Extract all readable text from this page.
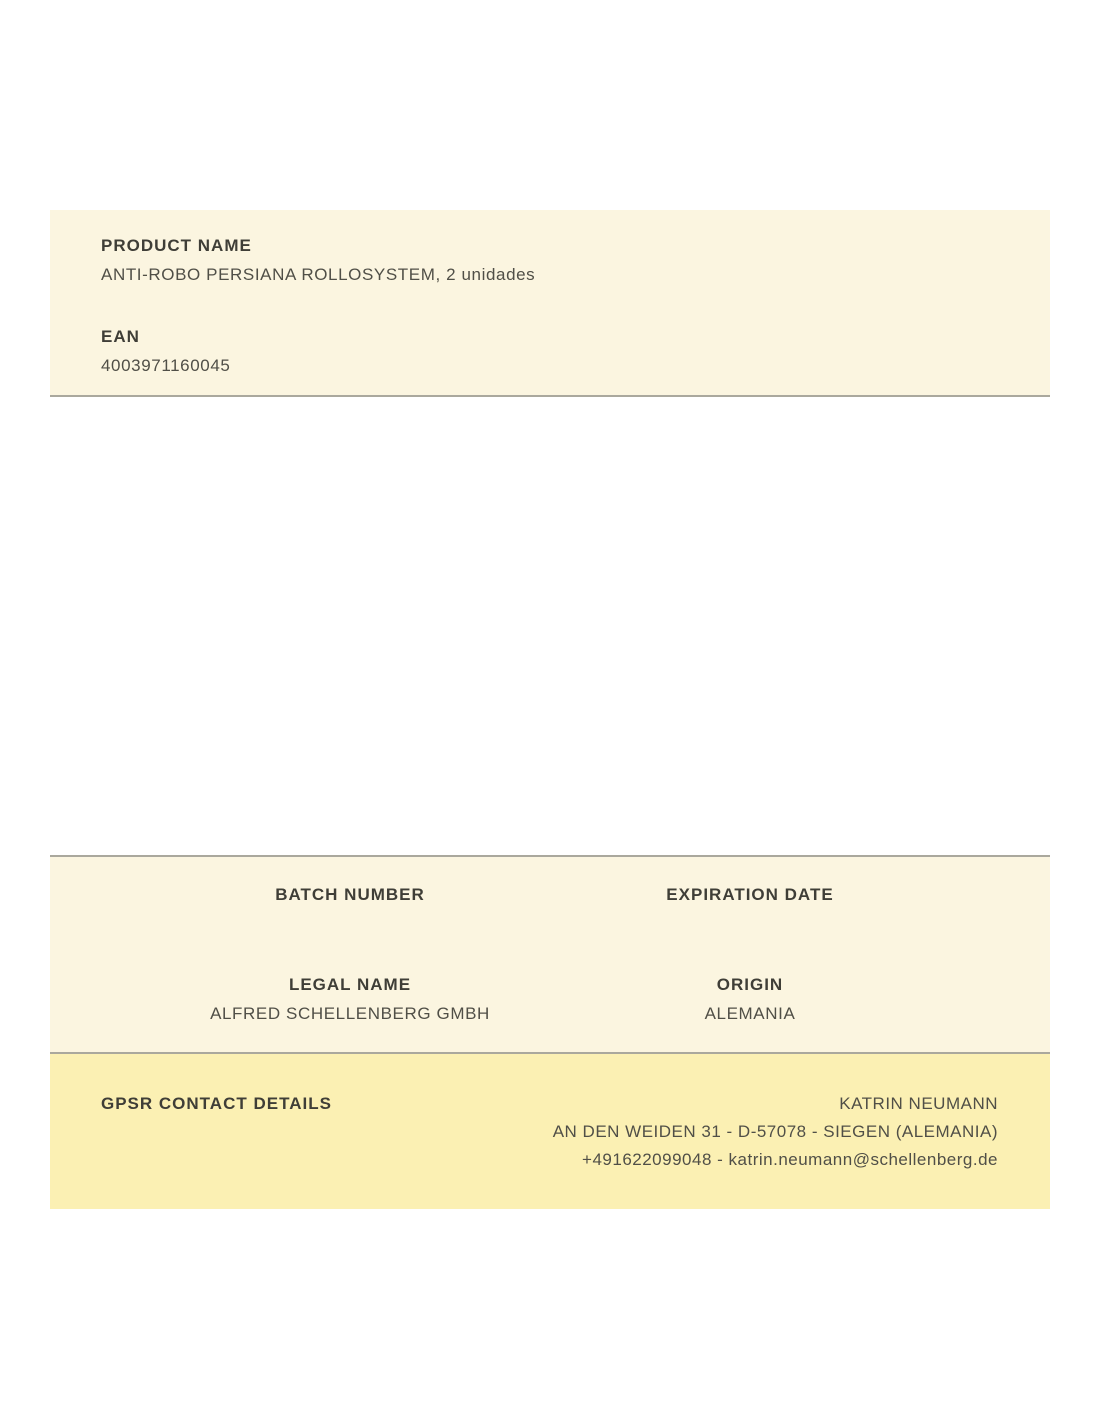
PRODUCT NAME
ANTI-ROBO PERSIANA ROLLOSYSTEM, 2 unidades
EAN
4003971160045
BATCH NUMBER
LEGAL NAME
ALFRED SCHELLENBERG GMBH
EXPIRATION DATE
ORIGIN
ALEMANIA
GPSR CONTACT DETAILS	KATRIN NEUMANN
AN DEN WEIDEN 31 - D-57078 - SIEGEN (ALEMANIA)
+491622099048 - katrin.neumann@schellenberg.de
